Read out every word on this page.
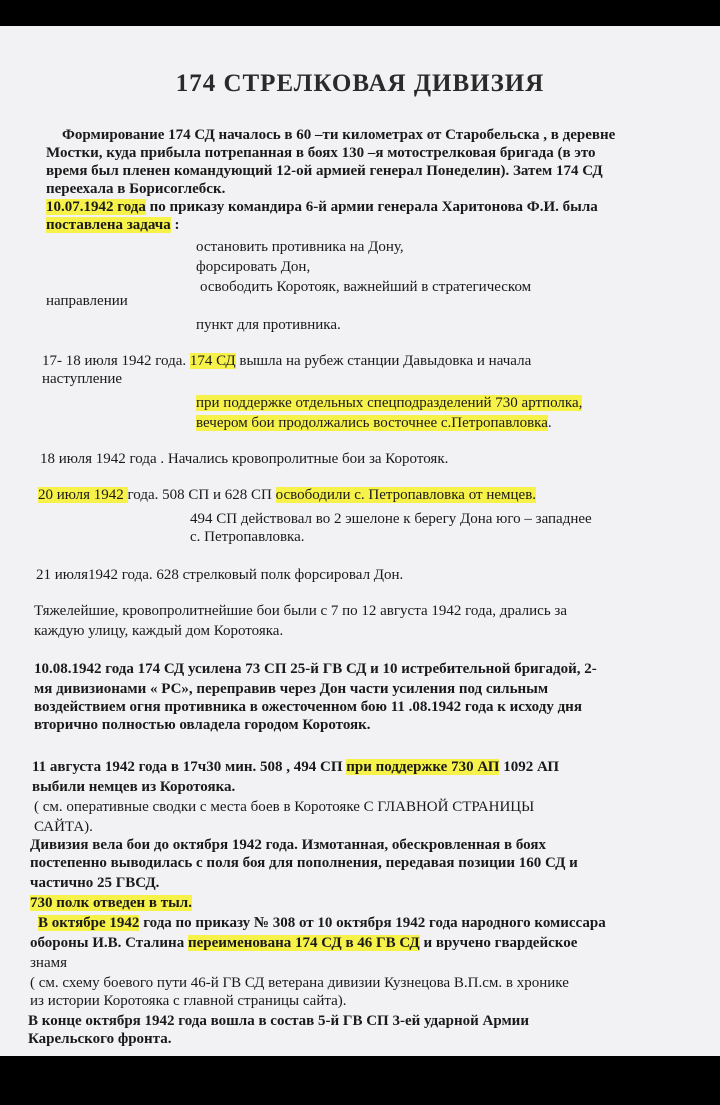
174 СТРЕЛКОВАЯ ДИВИЗИЯ
Формирование 174 СД началось в 60 –ти километрах от Старобельска , в деревне
Мостки, куда прибыла потрепанная в боях 130 –я мотострелковая бригада (в это
время был пленен командующий 12-ой армией генерал Понеделин). Затем 174 СД
переехала в Борисоглебск.
10.07.1942 года по приказу командира 6-й армии генерала Харитонова Ф.И. была
поставлена задача :
остановить противника на Дону,
форсировать Дон,
освободить Коротояк, важнейший в стратегическом
направлении
пункт для противника.
17- 18 июля 1942 года. 174 СД вышла на рубеж станции Давыдовка и начала
наступление
при поддержке отдельных спецподразделений 730 артполка,
вечером бои продолжались восточнее с.Петропавловка.
18 июля 1942 года . Начались кровопролитные бои за Коротояк.
20 июля 1942 года. 508 СП и 628 СП освободили с. Петропавловка от немцев.
494 СП действовал во 2 эшелоне к берегу Дона юго – западнее
с. Петропавловка.
21 июля1942 года. 628 стрелковый полк форсировал Дон.
Тяжелейшие, кровопролитнейшие бои были с 7 по 12 августа 1942 года, дрались за
каждую улицу, каждый дом Коротояка.
10.08.1942 года 174 СД усилена 73 СП 25-й ГВ СД и 10 истребительной бригадой, 2-
мя дивизионами « РС», переправив через Дон части усиления под сильным
воздействием огня противника в ожесточенном бою 11 .08.1942 года к исходу дня
вторично полностью овладела городом Коротояк.
11 августа 1942 года в 17ч30 мин. 508 , 494 СП при поддержке 730 АП 1092 АП
выбили немцев из Коротояка.
( см. оперативные сводки с места боев в Коротояке С ГЛАВНОЙ СТРАНИЦЫ
САЙТА).
Дивизия вела бои до октября 1942 года. Измотанная, обескровленная в боях
постепенно выводилась с поля боя для пополнения, передавая позиции 160 СД и
частично 25 ГВСД.
730 полк отведен в тыл.
В октябре 1942 года по приказу № 308 от 10 октября 1942 года народного комиссара
обороны И.В. Сталина переименована 174 СД в 46 ГВ СД и вручено гвардейское
знамя
( см. схему боевого пути 46-й ГВ СД ветерана дивизии Кузнецова В.П.см. в хронике
из истории Коротояка с главной страницы сайта).
В конце октября 1942 года вошла в состав 5-й ГВ СП 3-ей ударной Армии
Карельского фронта.
